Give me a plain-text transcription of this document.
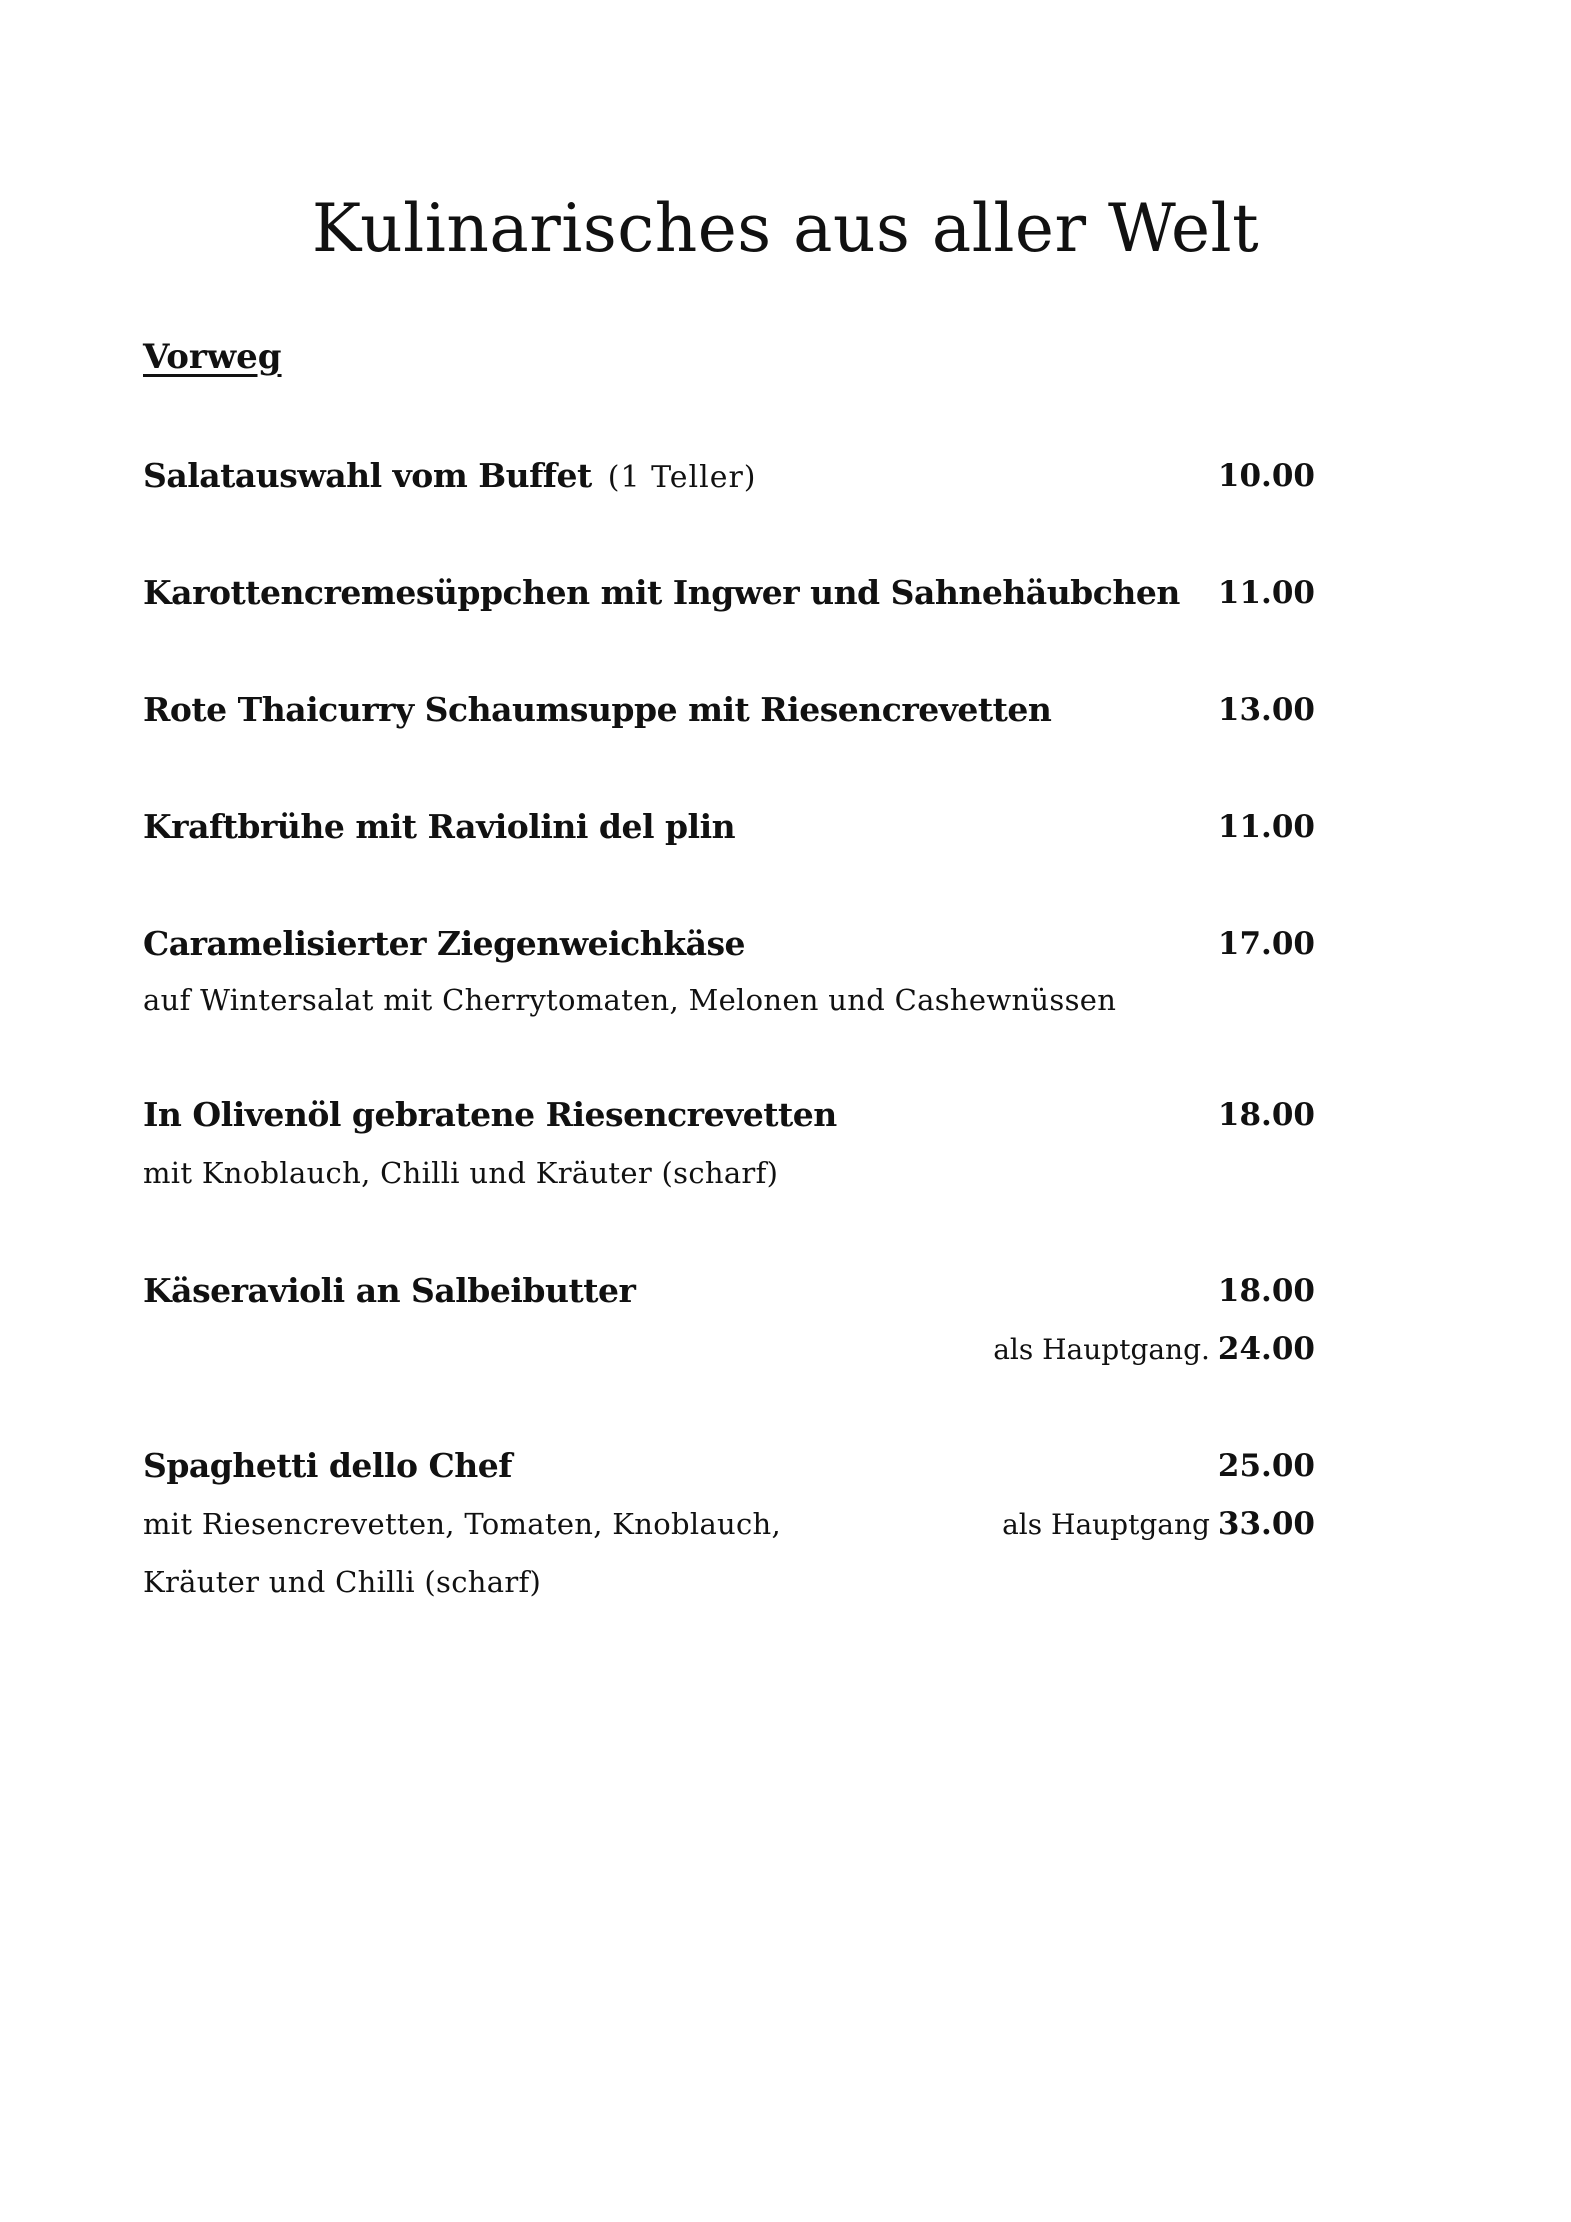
Kulinarisches aus aller Welt
Vorweg
Salatauswahl vom Buffet (1 Teller)	10.00
Karottencremesüppchen mit Ingwer und Sahnehäubchen 11.00
Rote Thaicurry Schaumsuppe mit Riesencrevetten	13.00
Kraftbrühe mit Raviolini del plin	11.00
Caramelisierter Ziegenweichkäse	17.00
auf Wintersalat mit Cherrytomaten, Melonen und Cashewnüssen
In Olivenöl gebratene Riesencrevetten	18.00
mit Knoblauch, Chilli und Kräuter (scharf)
Käseravioli an Salbeibutter	18.00
als Hauptgang. 24.00
Spaghetti dello Chef	25.00
mit Riesencrevetten, Tomaten, Knoblauch,	als Hauptgang 33.00
Kräuter und Chilli (scharf)
